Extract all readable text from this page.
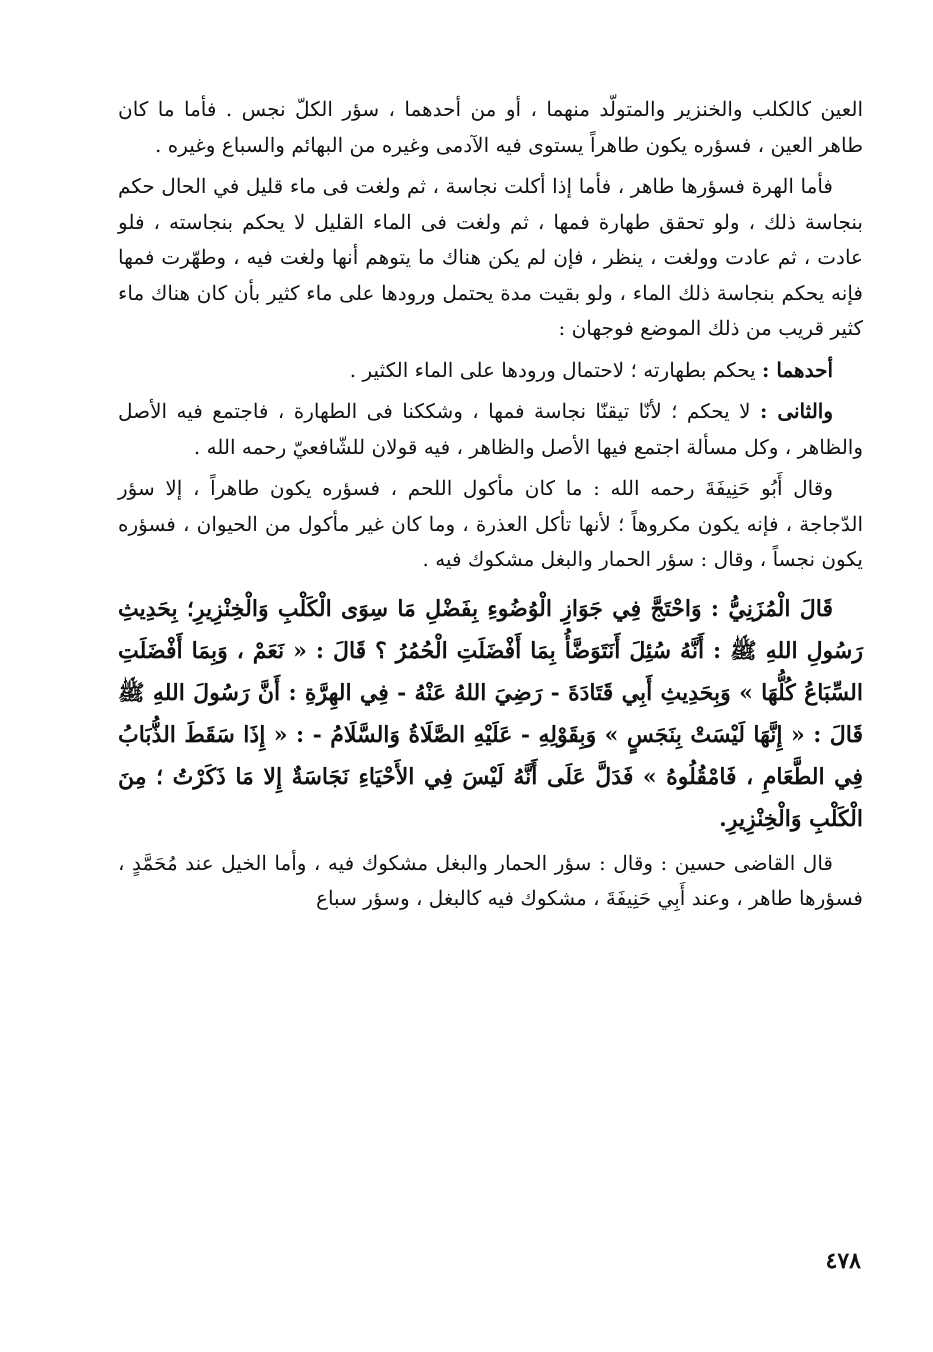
العين كالكلب والخنزير والمتولّد منهما ، أو من أحدهما ، سؤر الكلّ نجس . فأما ما كان طاهر العين ، فسؤره يكون طاهراً يستوى فيه الآدمى وغيره من البهائم والسباع وغيره .

فأما الهرة فسؤرها طاهر ، فأما إذا أكلت نجاسة ، ثم ولغت فى ماء قليل في الحال حكم بنجاسة ذلك ، ولو تحقق طهارة فمها ، ثم ولغت فى الماء القليل لا يحكم بنجاسته ، فلو عادت ، ثم عادت وولغت ، ينظر ، فإن لم يكن هناك ما يتوهم أنها ولغت فيه ، وطهّرت فمها فإنه يحكم بنجاسة ذلك الماء ، ولو بقيت مدة يحتمل ورودها على ماء كثير بأن كان هناك ماء كثير قريب من ذلك الموضع فوجهان :

أحدهما : يحكم بطهارته ؛ لاحتمال ورودها على الماء الكثير .

والثانى : لا يحكم ؛ لأنّا تيقنّا نجاسة فمها ، وشككنا فى الطهارة ، فاجتمع فيه الأصل والظاهر ، وكل مسألة اجتمع فيها الأصل والظاهر ، فيه قولان للشّافعيّ رحمه الله .

وقال أَبُو حَنِيفَةَ رحمه الله : ما كان مأكول اللحم ، فسؤره يكون طاهراً ، إلا سؤر الدّجاجة ، فإنه يكون مكروهاً ؛ لأنها تأكل العذرة ، وما كان غير مأكول من الحيوان ، فسؤره يكون نجساً ، وقال : سؤر الحمار والبغل مشكوك فيه .

قَالَ الْمُزَنِيُّ : وَاحْتَجَّ فِي جَوَازِ الْوُضُوءِ بِفَضْلِ مَا سِوَى الْكَلْبِ وَالْخِنْزِيرِ؛ بِحَدِيثِ رَسُولِ اللهِ ﷺ : أَنَّهُ سُئِلَ أَنَتَوَضَّأُ بِمَا أَفْضَلَتِ الْحُمُرُ ؟ قَالَ : « نَعَمْ ، وَبِمَا أَفْضَلَتِ السِّبَاعُ كُلُّهَا » وَبِحَدِيثِ أَبِي قَتَادَةَ - رَضِيَ اللهُ عَنْهُ - فِي الهِرَّةِ : أَنَّ رَسُولَ اللهِ ﷺ قَالَ : « إِنَّهَا لَيْسَتْ بِنَجَسٍ » وَبِقَوْلِهِ - عَلَيْهِ الصَّلَاةُ وَالسَّلَامُ - : « إِذَا سَقَطَ الذُّبَابُ فِي الطَّعَامِ ، فَامْقُلُوهُ » فَدَلَّ عَلَى أَنَّهُ لَيْسَ فِي الأَحْيَاءِ نَجَاسَةٌ إِلا مَا ذَكَرْتُ ؛ مِنَ الْكَلْبِ وَالْخِنْزِيرِ.

قال القاضى حسين : وقال : سؤر الحمار والبغل مشكوك فيه ، وأما الخيل عند مُحَمَّدٍ ، فسؤرها طاهر ، وعند أَبِي حَنِيفَةَ ، مشكوك فيه كالبغل ، وسؤر سباع

٤٧٨
